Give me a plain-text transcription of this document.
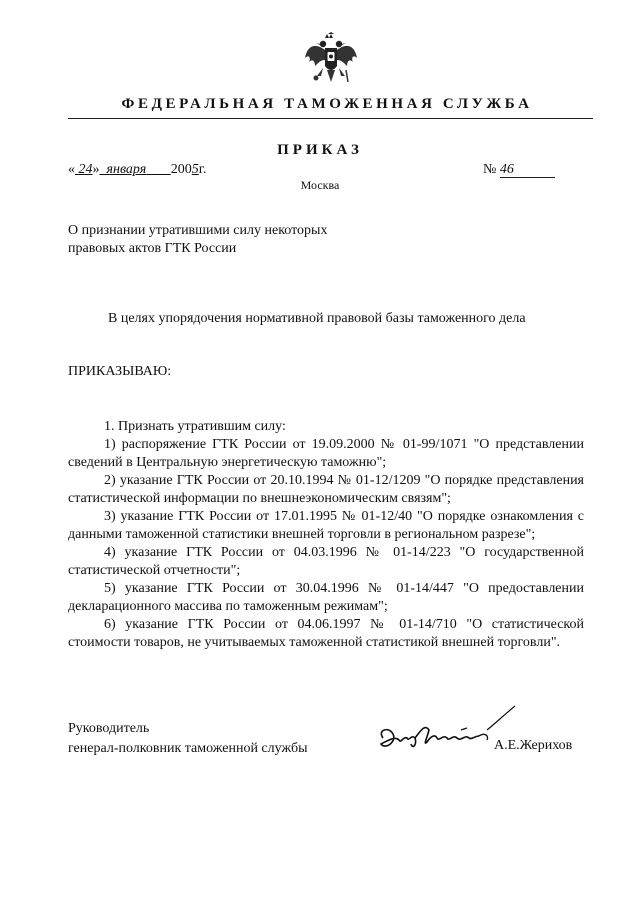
ФЕДЕРАЛЬНАЯ ТАМОЖЕННАЯ СЛУЖБА
ПРИКАЗ
« 24» января 2005г.	№ 46
Москва
О признании утратившими силу некоторых правовых актов ГТК России
В целях упорядочения нормативной правовой базы таможенного дела
ПРИКАЗЫВАЮ:

1. Признать утратившим силу:

1) распоряжение ГТК России от 19.09.2000 № 01-99/1071 "О представлении сведений в Центральную энергетическую таможню";

2) указание ГТК России от 20.10.1994 № 01-12/1209 "О порядке представления статистической информации по внешнеэкономическим связям";

3) указание ГТК России от 17.01.1995 № 01-12/40 "О порядке ознакомления с данными таможенной статистики внешней торговли в региональном разрезе";

4) указание ГТК России от 04.03.1996 № 01-14/223 "О государственной статистической отчетности";

5) указание ГТК России от 30.04.1996 № 01-14/447 "О предоставлении декларационного массива по таможенным режимам";

6) указание ГТК России от 04.06.1997 № 01-14/710 "О статистической стоимости товаров, не учитываемых таможенной статистикой внешней торговли".

Руководитель
генерал-полковник таможенной службы	А.Е.Жерихов
